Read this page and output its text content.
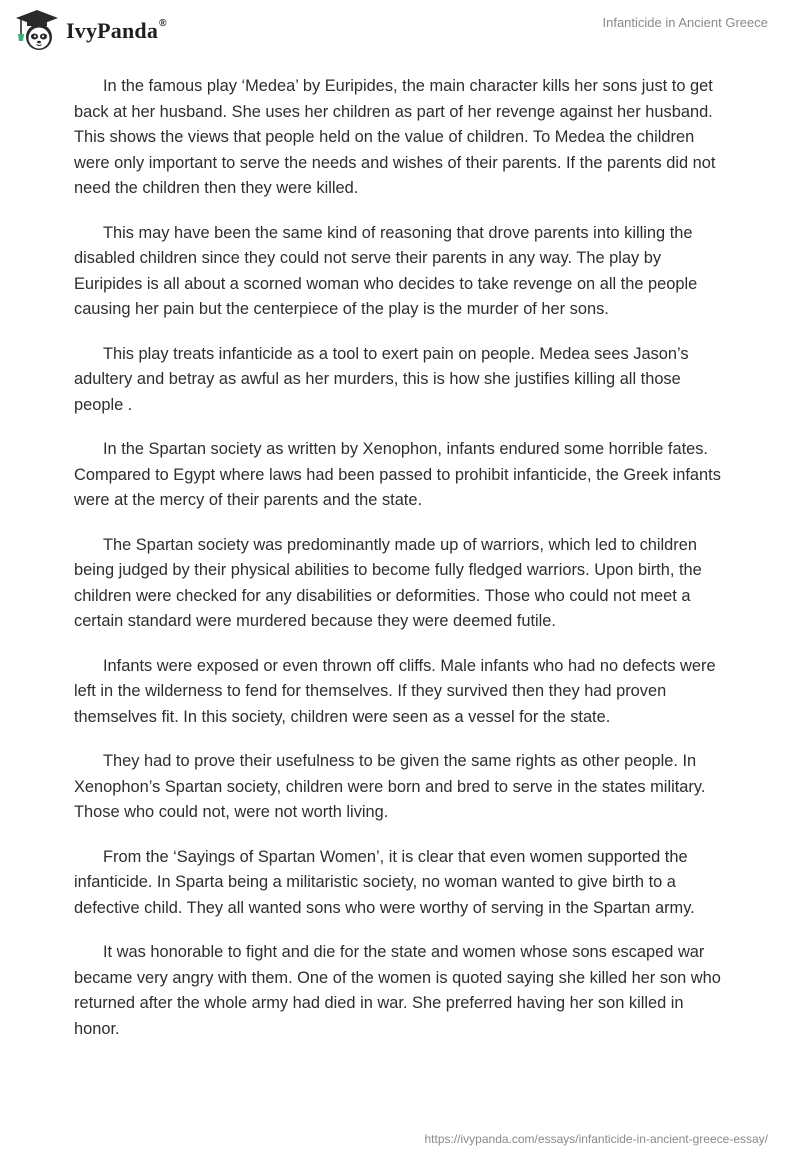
IvyPanda®	Infanticide in Ancient Greece

In the famous play ‘Medea’ by Euripides, the main character kills her sons just to get back at her husband. She uses her children as part of her revenge against her husband. This shows the views that people held on the value of children. To Medea the children were only important to serve the needs and wishes of their parents. If the parents did not need the children then they were killed.

This may have been the same kind of reasoning that drove parents into killing the disabled children since they could not serve their parents in any way. The play by Euripides is all about a scorned woman who decides to take revenge on all the people causing her pain but the centerpiece of the play is the murder of her sons.

This play treats infanticide as a tool to exert pain on people. Medea sees Jason’s adultery and betray as awful as her murders, this is how she justifies killing all those people .

In the Spartan society as written by Xenophon, infants endured some horrible fates. Compared to Egypt where laws had been passed to prohibit infanticide, the Greek infants were at the mercy of their parents and the state.

The Spartan society was predominantly made up of warriors, which led to children being judged by their physical abilities to become fully fledged warriors. Upon birth, the children were checked for any disabilities or deformities. Those who could not meet a certain standard were murdered because they were deemed futile.

Infants were exposed or even thrown off cliffs. Male infants who had no defects were left in the wilderness to fend for themselves. If they survived then they had proven themselves fit. In this society, children were seen as a vessel for the state.

They had to prove their usefulness to be given the same rights as other people. In Xenophon’s Spartan society, children were born and bred to serve in the states military. Those who could not, were not worth living.

From the ‘Sayings of Spartan Women’, it is clear that even women supported the infanticide. In Sparta being a militaristic society, no woman wanted to give birth to a defective child. They all wanted sons who were worthy of serving in the Spartan army.

It was honorable to fight and die for the state and women whose sons escaped war became very angry with them. One of the women is quoted saying she killed her son who returned after the whole army had died in war. She preferred having her son killed in honor.

https://ivypanda.com/essays/infanticide-in-ancient-greece-essay/
